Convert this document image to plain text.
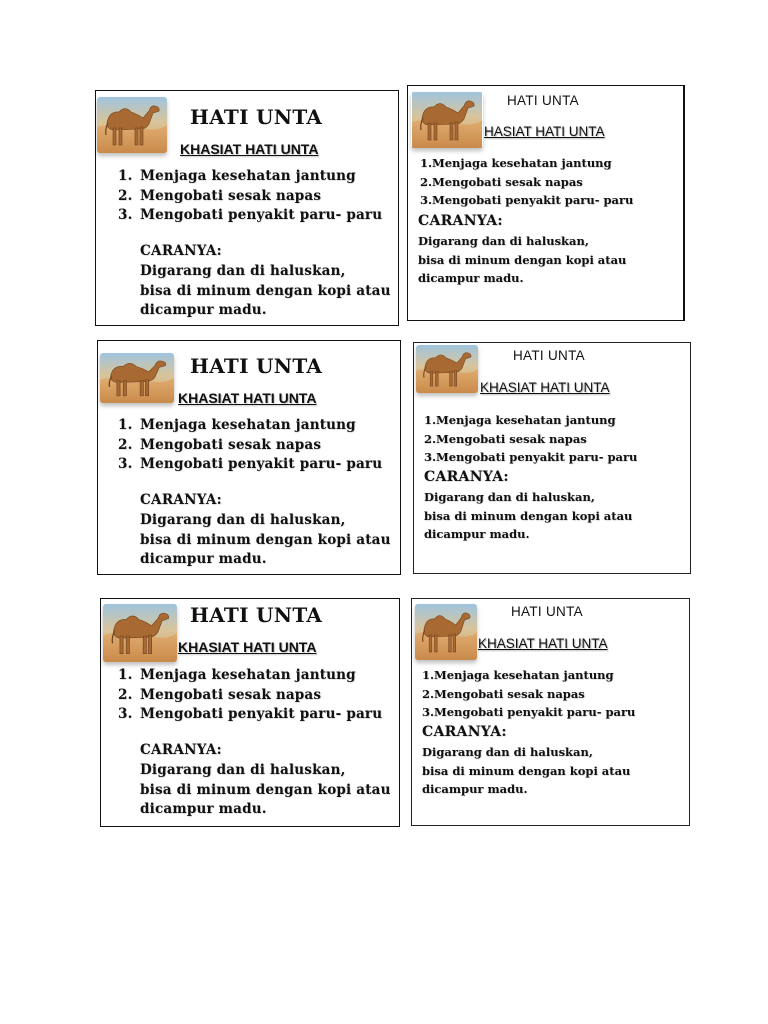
HATI UNTA
KHASIAT HATI UNTA
1. Menjaga kesehatan jantung
2. Mengobati sesak napas
3. Mengobati penyakit paru- paru
CARANYA:
Digarang dan di haluskan,
bisa di minum dengan kopi atau
dicampur madu.
HATI UNTA
HASIAT HATI UNTA
1.Menjaga kesehatan jantung
2.Mengobati sesak napas
3.Mengobati penyakit paru- paru
CARANYA:
Digarang dan di haluskan,
bisa di minum dengan kopi atau
dicampur madu.
HATI UNTA
KHASIAT HATI UNTA
1. Menjaga kesehatan jantung
2. Mengobati sesak napas
3. Mengobati penyakit paru- paru
CARANYA:
Digarang dan di haluskan,
bisa di minum dengan kopi atau
dicampur madu.
HATI UNTA
KHASIAT HATI UNTA
1.Menjaga kesehatan jantung
2.Mengobati sesak napas
3.Mengobati penyakit paru- paru
CARANYA:
Digarang dan di haluskan,
bisa di minum dengan kopi atau
dicampur madu.
HATI UNTA
KHASIAT HATI UNTA
1. Menjaga kesehatan jantung
2. Mengobati sesak napas
3. Mengobati penyakit paru- paru
CARANYA:
Digarang dan di haluskan,
bisa di minum dengan kopi atau
dicampur madu.
HATI UNTA
KHASIAT HATI UNTA
1.Menjaga kesehatan jantung
2.Mengobati sesak napas
3.Mengobati penyakit paru- paru
CARANYA:
Digarang dan di haluskan,
bisa di minum dengan kopi atau
dicampur madu.
